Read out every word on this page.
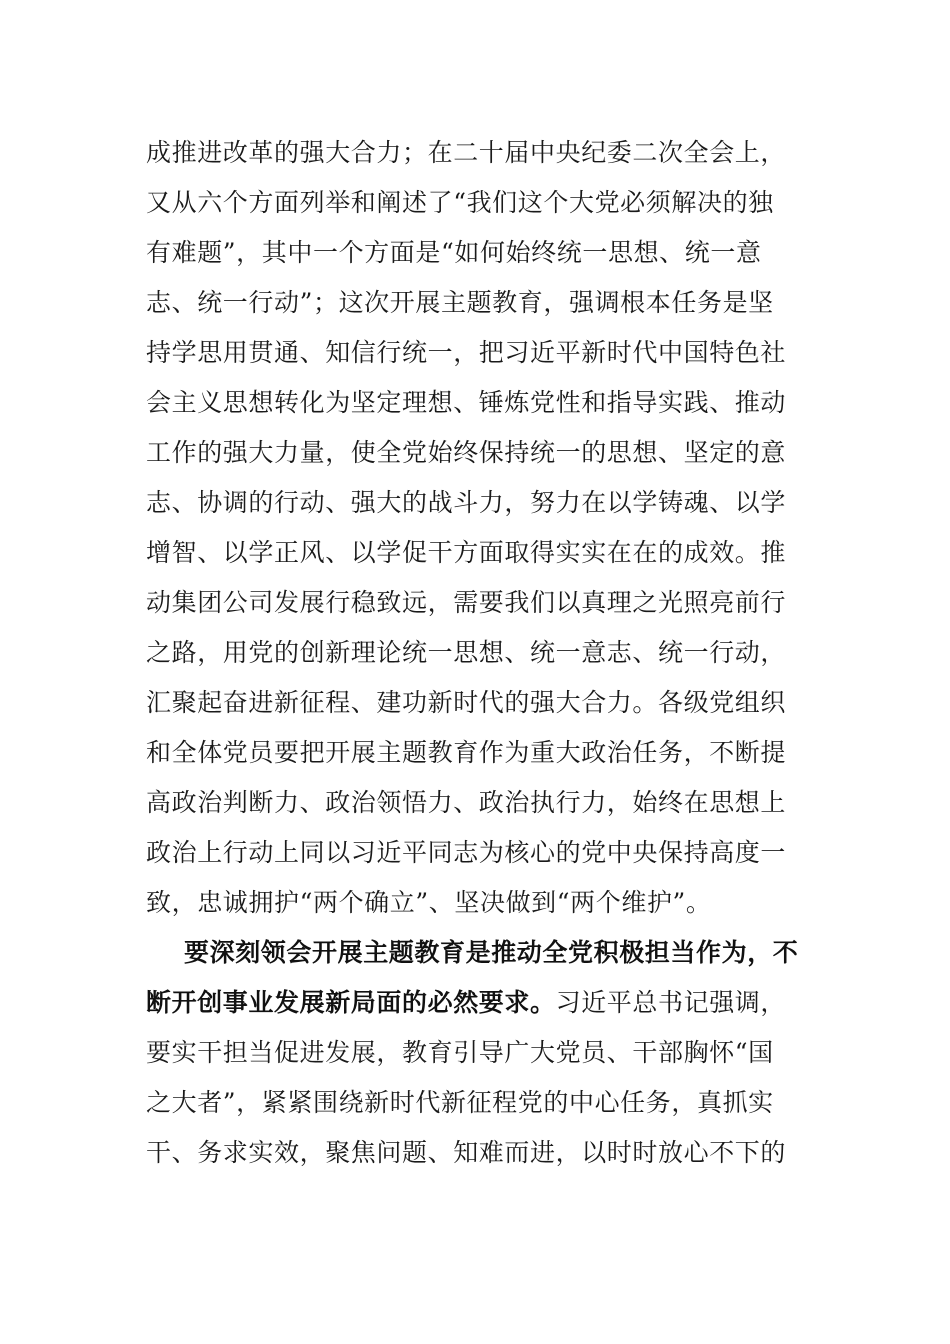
成推进改革的强大合力；在二十届中央纪委二次全会上，
又从六个方面列举和阐述了“我们这个大党必须解决的独
有难题”，其中一个方面是“如何始终统一思想、统一意
志、统一行动”；这次开展主题教育，强调根本任务是坚
持学思用贯通、知信行统一，把习近平新时代中国特色社
会主义思想转化为坚定理想、锤炼党性和指导实践、推动
工作的强大力量，使全党始终保持统一的思想、坚定的意
志、协调的行动、强大的战斗力，努力在以学铸魂、以学
增智、以学正风、以学促干方面取得实实在在的成效。推
动集团公司发展行稳致远，需要我们以真理之光照亮前行
之路，用党的创新理论统一思想、统一意志、统一行动，
汇聚起奋进新征程、建功新时代的强大合力。各级党组织
和全体党员要把开展主题教育作为重大政治任务，不断提
高政治判断力、政治领悟力、政治执行力，始终在思想上
政治上行动上同以习近平同志为核心的党中央保持高度一
致，忠诚拥护“两个确立”、坚决做到“两个维护”。
要深刻领会开展主题教育是推动全党积极担当作为，不
断开创事业发展新局面的必然要求。习近平总书记强调，
要实干担当促进发展，教育引导广大党员、干部胸怀“国
之大者”，紧紧围绕新时代新征程党的中心任务，真抓实
干、务求实效，聚焦问题、知难而进，以时时放心不下的
